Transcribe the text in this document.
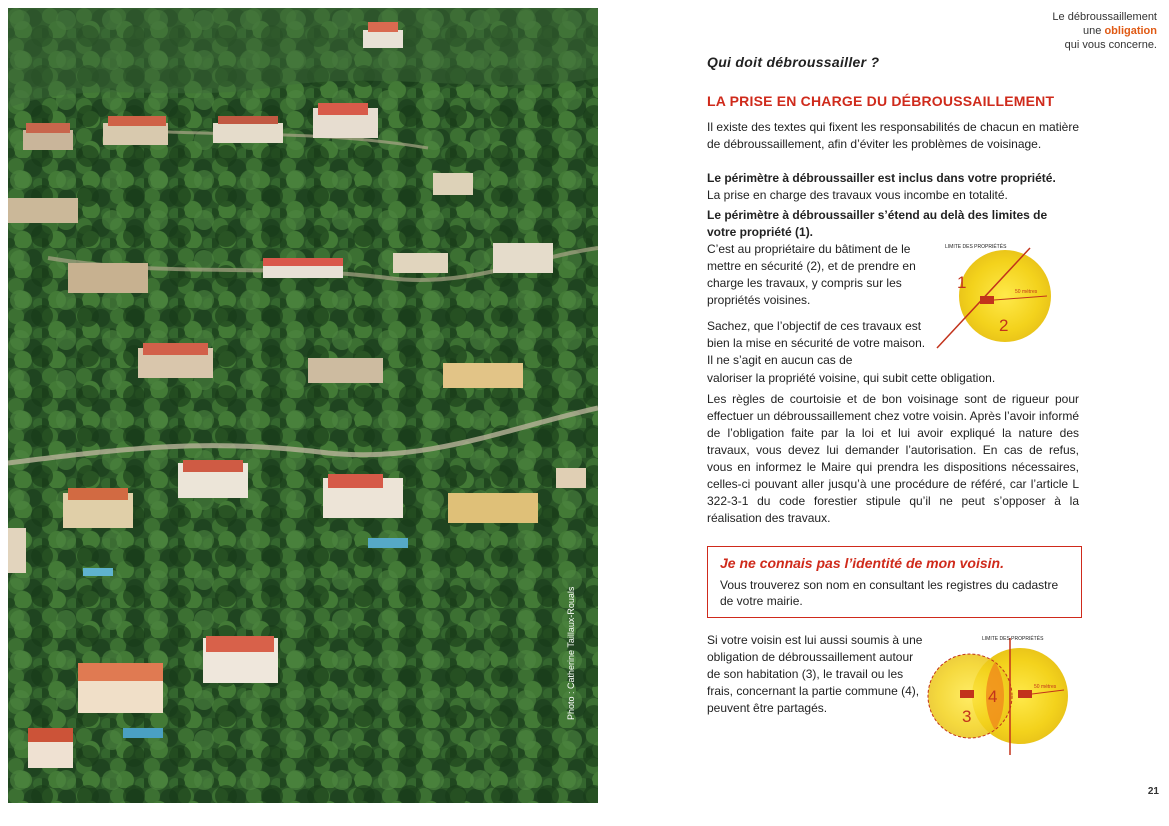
Photo : Catherine Taillaux-Rouals
Le débroussaillement
une obligation
qui vous concerne.
Qui doit débroussailler ?
LA PRISE EN CHARGE DU DÉBROUSSAILLEMENT
Il existe des textes qui fixent les responsabilités de chacun en matière de débroussaillement, afin d’éviter les problèmes de voisinage.
Le périmètre à débroussailler est inclus dans votre propriété.
La prise en charge des travaux vous incombe en totalité.
Le périmètre à débroussailler s’étend au delà des limites de votre propriété (1).
C’est au propriétaire du bâtiment de le mettre en sécurité (2), et de prendre en charge les travaux, y compris sur les propriétés voisines.
Sachez, que l’objectif de ces travaux est bien la mise en sécurité de votre maison. Il ne s’agit en aucun cas de
valoriser la propriété voisine, qui subit cette obligation.
Les règles de courtoisie et de bon voisinage sont de rigueur pour effectuer un débroussaillement chez votre voisin. Après l’avoir informé de l’obligation faite par la loi et lui avoir expliqué la nature des travaux, vous devez lui demander l’autorisation. En cas de refus, vous en informez le Maire qui prendra les dispositions nécessaires, celles-ci pouvant aller jusqu’à une procédure de référé, car l’article L 322-3-1 du code forestier stipule qu’il ne peut s’opposer à la réalisation des travaux.
Je ne connais pas l’identité de mon voisin.
Vous trouverez son nom en consultant les registres du cadastre de votre mairie.
Si votre voisin est lui aussi soumis à une obligation de débroussaillement autour de son habitation (3), le travail ou les frais, concernant la partie commune (4), peuvent être partagés.
50 mètres
LIMITE DES PROPRIÉTÉS
1
2
50 mètres
LIMITE DES PROPRIÉTÉS
3
4
21
